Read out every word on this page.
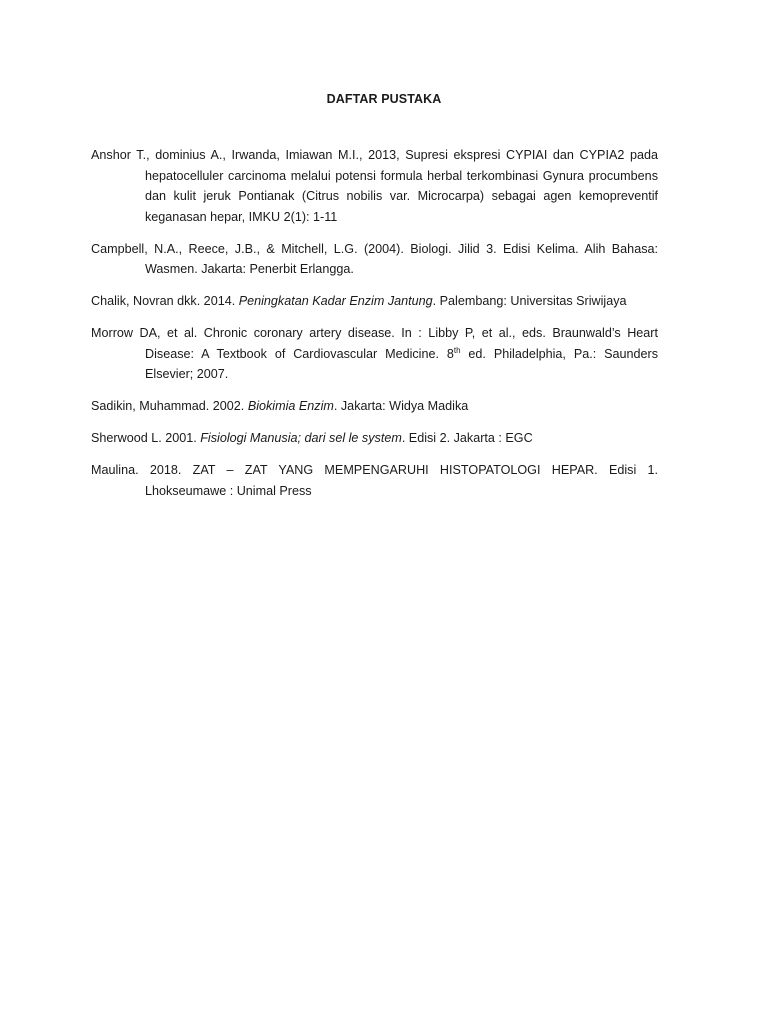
DAFTAR PUSTAKA
Anshor T., dominius A., Irwanda, Imiawan M.I., 2013, Supresi ekspresi CYPIAI dan CYPIA2 pada hepatocelluler carcinoma melalui potensi formula herbal terkombinasi Gynura procumbens dan kulit jeruk Pontianak (Citrus nobilis var. Microcarpa) sebagai agen kemopreventif keganasan hepar, IMKU 2(1): 1-11
Campbell, N.A., Reece, J.B., & Mitchell, L.G. (2004). Biologi. Jilid 3. Edisi Kelima. Alih Bahasa: Wasmen. Jakarta: Penerbit Erlangga.
Chalik, Novran dkk. 2014. Peningkatan Kadar Enzim Jantung. Palembang: Universitas Sriwijaya
Morrow DA, et al. Chronic coronary artery disease. In : Libby P, et al., eds. Braunwald’s Heart Disease: A Textbook of Cardiovascular Medicine. 8th ed. Philadelphia, Pa.: Saunders Elsevier; 2007.
Sadikin, Muhammad. 2002. Biokimia Enzim. Jakarta: Widya Madika
Sherwood L. 2001. Fisiologi Manusia; dari sel le system. Edisi 2. Jakarta : EGC
Maulina. 2018. ZAT – ZAT YANG MEMPENGARUHI HISTOPATOLOGI HEPAR. Edisi 1. Lhokseumawe : Unimal Press
